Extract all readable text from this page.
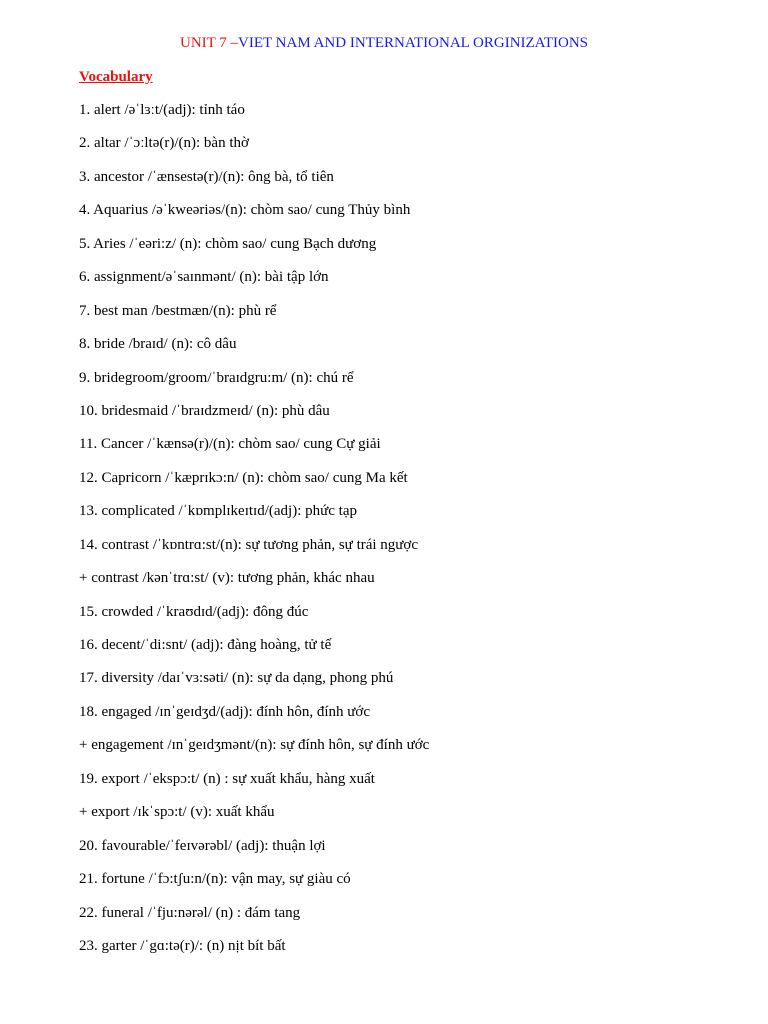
UNIT 7 –VIET NAM AND INTERNATIONAL ORGINIZATIONS
Vocabulary
1. alert /əˈlɜːt/(adj): tỉnh táo
2. altar /ˈɔːltə(r)/(n): bàn thờ
3. ancestor /ˈænsestə(r)/(n): ông bà, tổ tiên
4. Aquarius /əˈkweəriəs/(n): chòm sao/ cung Thủy bình
5. Aries /ˈeəri:z/ (n): chòm sao/ cung Bạch dương
6. assignment/əˈsaɪnmənt/ (n): bài tập lớn
7. best man /bestmæn/(n): phù rể
8. bride /braɪd/ (n): cô dâu
9. bridegroom/groom/ˈbraɪdgru:m/ (n): chú rể
10. bridesmaid /ˈbraɪdzmeɪd/ (n): phù dâu
11. Cancer /ˈkænsə(r)/(n): chòm sao/ cung Cự giải
12. Capricorn /ˈkæprɪkɔ:n/ (n): chòm sao/ cung Ma kết
13. complicated /ˈkɒmplɪkeɪtɪd/(adj): phức tạp
14. contrast /ˈkɒntrɑ:st/(n): sự tương phản, sự trái ngược
+ contrast /kənˈtrɑ:st/ (v): tương phản, khác nhau
15. crowded /ˈkraʊdɪd/(adj): đông đúc
16. decent/ˈdi:snt/ (adj): đàng hoàng, tử tế
17. diversity /daɪˈvɜ:səti/ (n): sự da dạng, phong phú
18. engaged /ɪnˈgeɪdʒd/(adj): đính hôn, đính ước
+ engagement /ɪnˈgeɪdʒmənt/(n): sự đính hôn, sự đính ước
19. export /ˈekspɔ:t/ (n) : sự xuất khẩu, hàng xuất
+ export /ɪkˈspɔ:t/ (v): xuất khẩu
20. favourable/ˈfeɪvərəbl/ (adj): thuận lợi
21. fortune /ˈfɔ:tʃu:n/(n): vận may, sự giàu có
22. funeral /ˈfju:nərəl/ (n) : đám tang
23. garter /ˈgɑ:tə(r)/: (n) nịt bít bất
